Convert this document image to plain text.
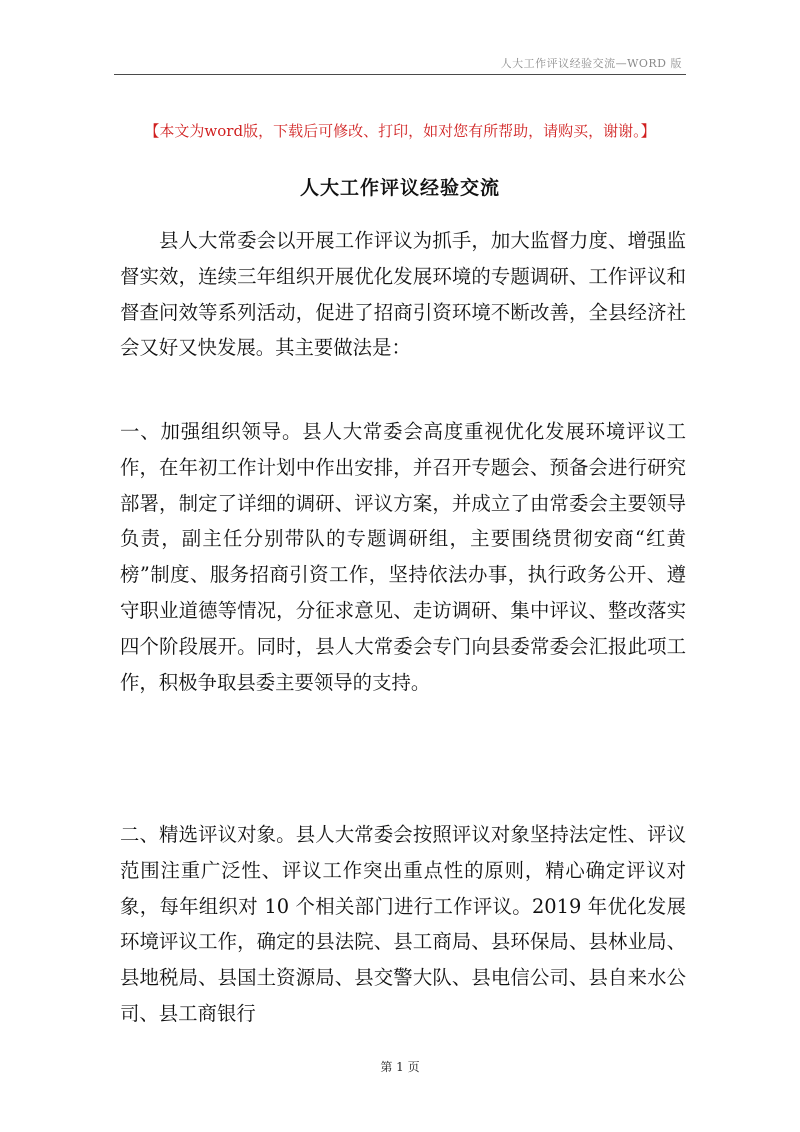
人大工作评议经验交流—WORD 版
【本文为word版，下载后可修改、打印，如对您有所帮助，请购买，谢谢。】
人大工作评议经验交流
县人大常委会以开展工作评议为抓手，加大监督力度、增强监督实效，连续三年组织开展优化发展环境的专题调研、工作评议和督查问效等系列活动，促进了招商引资环境不断改善，全县经济社会又好又快发展。其主要做法是：
一、加强组织领导。县人大常委会高度重视优化发展环境评议工作，在年初工作计划中作出安排，并召开专题会、预备会进行研究部署，制定了详细的调研、评议方案，并成立了由常委会主要领导负责，副主任分别带队的专题调研组，主要围绕贯彻安商“红黄榜”制度、服务招商引资工作，坚持依法办事，执行政务公开、遵守职业道德等情况，分征求意见、走访调研、集中评议、整改落实四个阶段展开。同时，县人大常委会专门向县委常委会汇报此项工作，积极争取县委主要领导的支持。
二、精选评议对象。县人大常委会按照评议对象坚持法定性、评议范围注重广泛性、评议工作突出重点性的原则，精心确定评议对象，每年组织对 10 个相关部门进行工作评议。2019 年优化发展环境评议工作，确定的县法院、县工商局、县环保局、县林业局、县地税局、县国土资源局、县交警大队、县电信公司、县自来水公司、县工商银行
第 1 页
